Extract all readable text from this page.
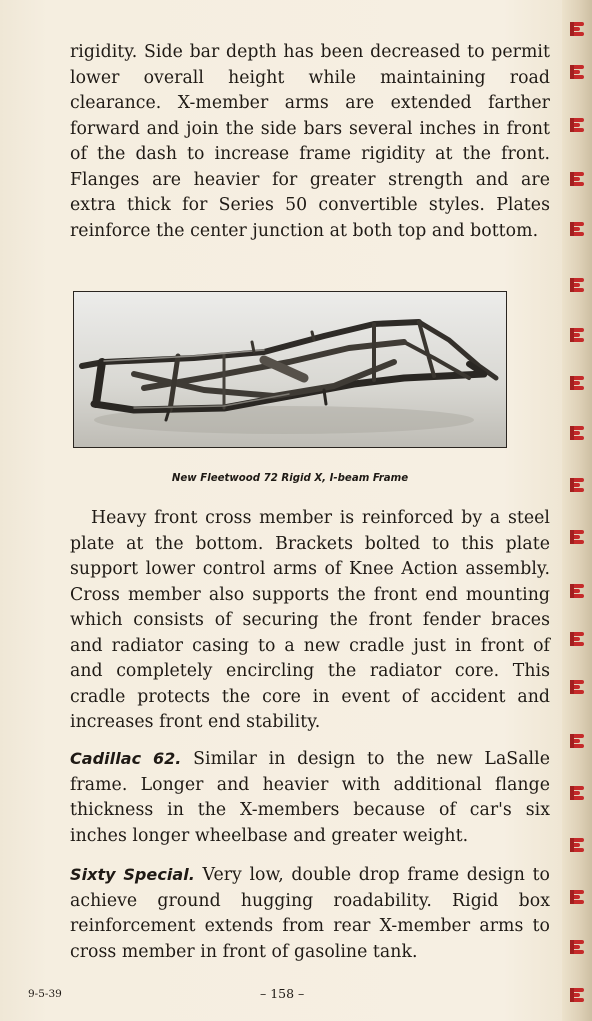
rigidity. Side bar depth has been decreased to permit lower overall height while maintaining road clearance. X-member arms are extended farther forward and join the side bars several inches in front of the dash to increase frame rigidity at the front. Flanges are heavier for greater strength and are extra thick for Series 50 convertible styles. Plates reinforce the center junction at both top and bottom.

New Fleetwood 72 Rigid X, I-beam Frame

Heavy front cross member is reinforced by a steel plate at the bottom. Brackets bolted to this plate support lower control arms of Knee Action assembly. Cross member also supports the front end mounting which consists of securing the front fender braces and radiator casing to a new cradle just in front of and completely encircling the radiator core. This cradle protects the core in event of accident and increases front end stability.

Cadillac 62. Similar in design to the new LaSalle frame. Longer and heavier with additional flange thickness in the X-members because of car's six inches longer wheelbase and greater weight.

Sixty Special. Very low, double drop frame design to achieve ground hugging roadability. Rigid box reinforcement extends from rear X-member arms to cross member in front of gasoline tank.

9-5-39	– 158 –
